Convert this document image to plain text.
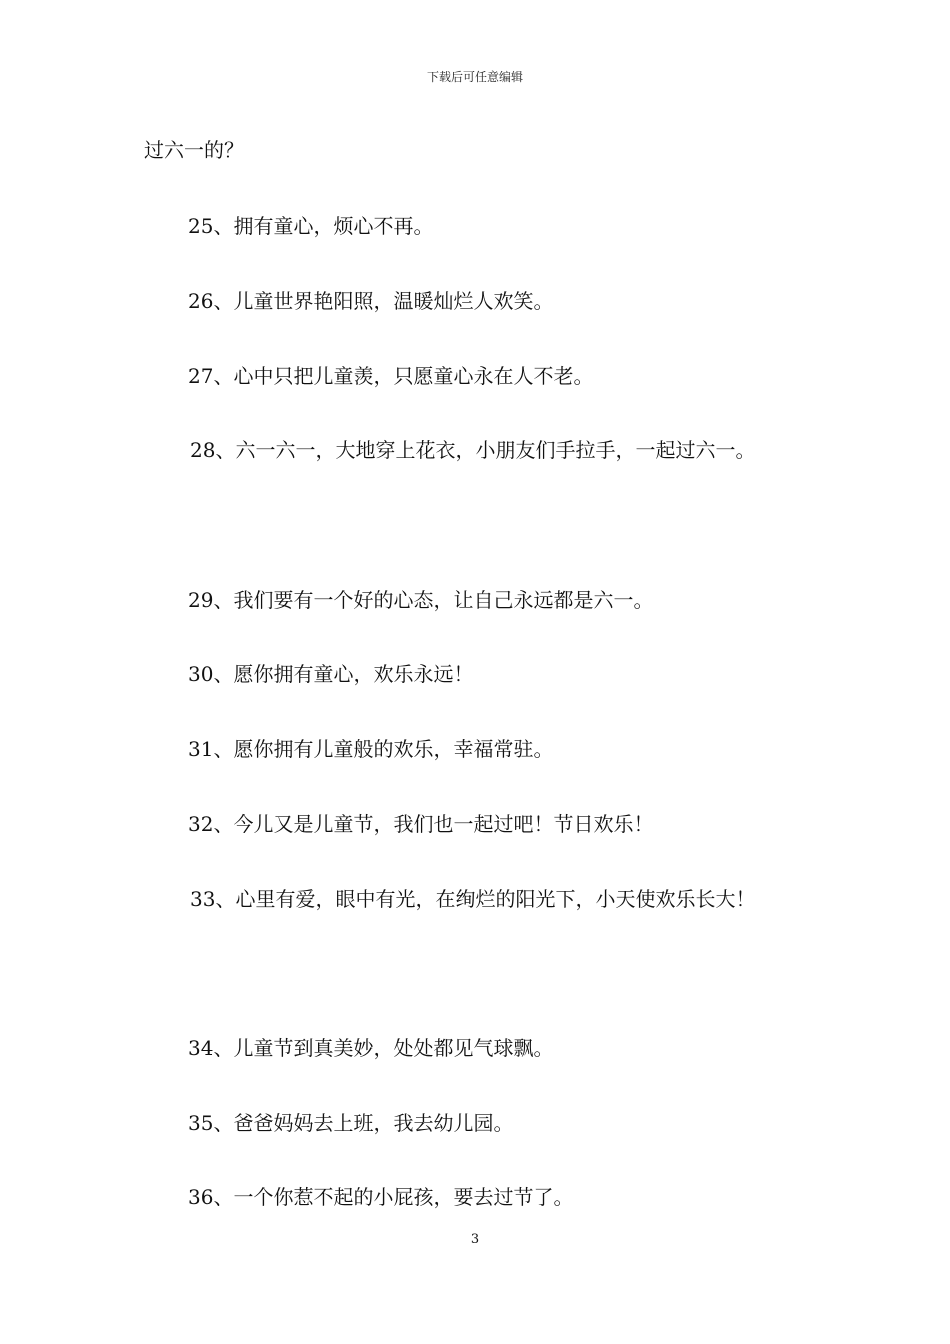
下载后可任意编辑
过六一的？
25、拥有童心，烦心不再。
26、儿童世界艳阳照，温暖灿烂人欢笑。
27、心中只把儿童羡，只愿童心永在人不老。
28、六一六一，大地穿上花衣，小朋友们手拉手，一起过六一。
29、我们要有一个好的心态，让自己永远都是六一。
30、愿你拥有童心，欢乐永远！
31、愿你拥有儿童般的欢乐，幸福常驻。
32、今儿又是儿童节，我们也一起过吧！节日欢乐！
33、心里有爱，眼中有光，在绚烂的阳光下，小天使欢乐长大！
34、儿童节到真美妙，处处都见气球飘。
35、爸爸妈妈去上班，我去幼儿园。
36、一个你惹不起的小屁孩，要去过节了。
3
